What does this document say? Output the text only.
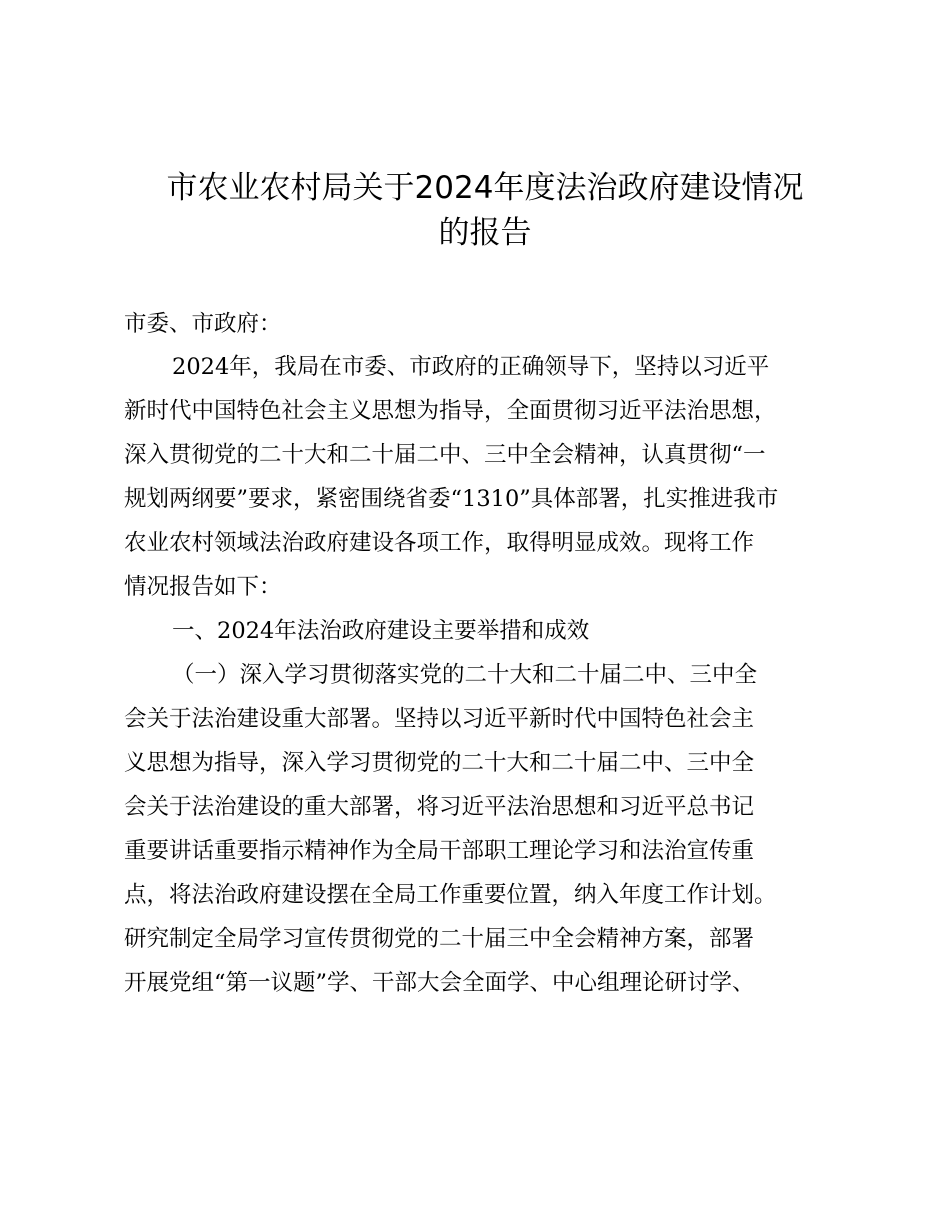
市农业农村局关于2024年度法治政府建设情况
的报告
市委、市政府：
2024年，我局在市委、市政府的正确领导下，坚持以习近平
新时代中国特色社会主义思想为指导，全面贯彻习近平法治思想，
深入贯彻党的二十大和二十届二中、三中全会精神，认真贯彻“一
规划两纲要”要求，紧密围绕省委“1310”具体部署，扎实推进我市
农业农村领域法治政府建设各项工作，取得明显成效。现将工作
情况报告如下：
一、2024年法治政府建设主要举措和成效
（一）深入学习贯彻落实党的二十大和二十届二中、三中全
会关于法治建设重大部署。坚持以习近平新时代中国特色社会主
义思想为指导，深入学习贯彻党的二十大和二十届二中、三中全
会关于法治建设的重大部署，将习近平法治思想和习近平总书记
重要讲话重要指示精神作为全局干部职工理论学习和法治宣传重
点，将法治政府建设摆在全局工作重要位置，纳入年度工作计划。
研究制定全局学习宣传贯彻党的二十届三中全会精神方案，部署
开展党组“第一议题”学、干部大会全面学、中心组理论研讨学、
